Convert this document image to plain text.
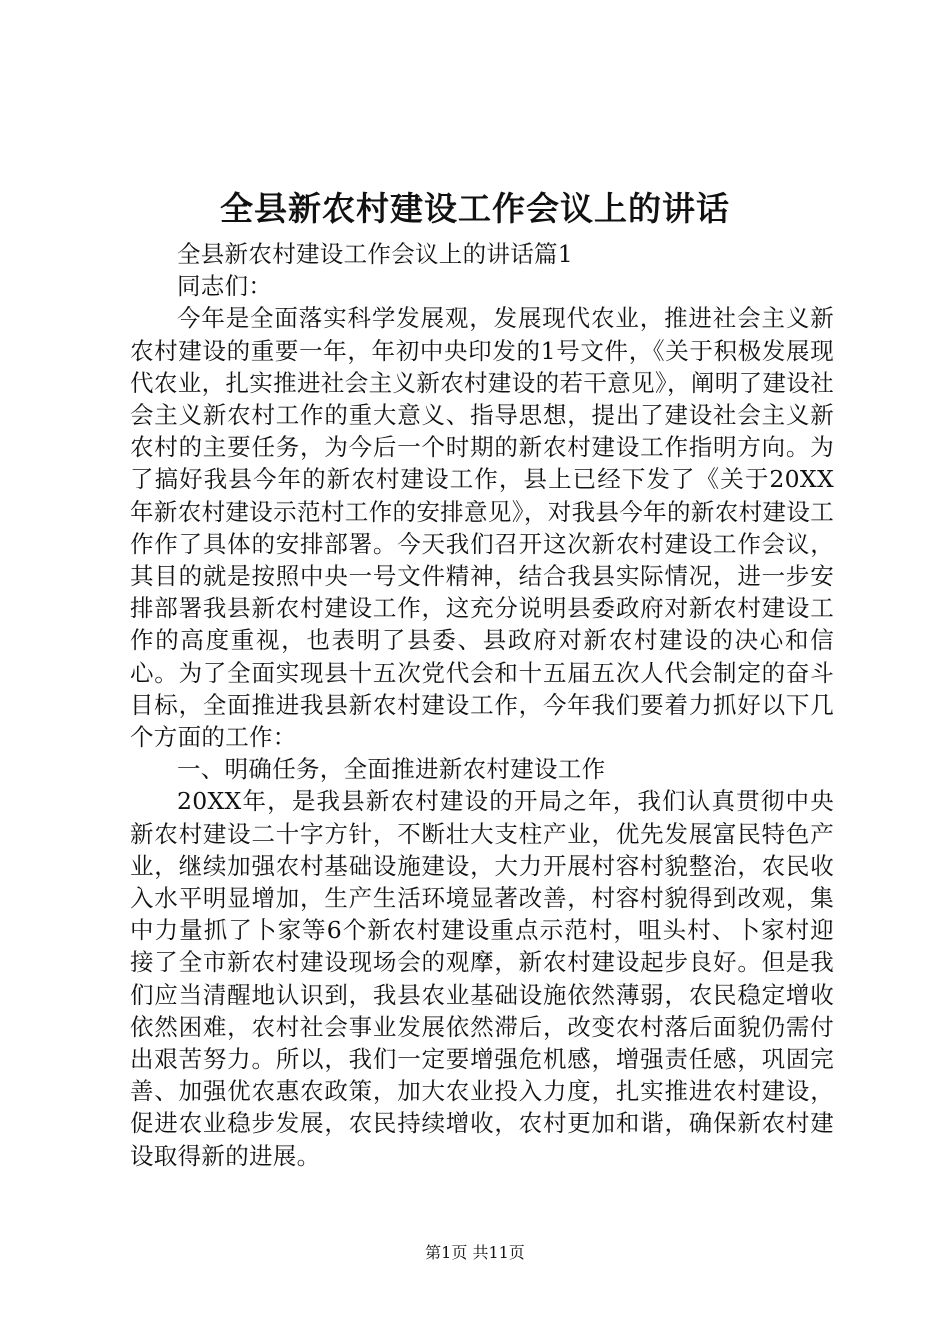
全县新农村建设工作会议上的讲话

全县新农村建设工作会议上的讲话篇1

同志们：

今年是全面落实科学发展观，发展现代农业，推进社会主义新农村建设的重要一年，年初中央印发的1号文件，《关于积极发展现代农业，扎实推进社会主义新农村建设的若干意见》，阐明了建设社会主义新农村工作的重大意义、指导思想，提出了建设社会主义新农村的主要任务，为今后一个时期的新农村建设工作指明方向。为了搞好我县今年的新农村建设工作，县上已经下发了《关于20XX年新农村建设示范村工作的安排意见》，对我县今年的新农村建设工作作了具体的安排部署。今天我们召开这次新农村建设工作会议，其目的就是按照中央一号文件精神，结合我县实际情况，进一步安排部署我县新农村建设工作，这充分说明县委政府对新农村建设工作的高度重视，也表明了县委、县政府对新农村建设的决心和信心。为了全面实现县十五次党代会和十五届五次人代会制定的奋斗目标，全面推进我县新农村建设工作，今年我们要着力抓好以下几个方面的工作：

一、明确任务，全面推进新农村建设工作

20XX年，是我县新农村建设的开局之年，我们认真贯彻中央新农村建设二十字方针，不断壮大支柱产业，优先发展富民特色产业，继续加强农村基础设施建设，大力开展村容村貌整治，农民收入水平明显增加，生产生活环境显著改善，村容村貌得到改观，集中力量抓了卜家等6个新农村建设重点示范村，咀头村、卜家村迎接了全市新农村建设现场会的观摩，新农村建设起步良好。但是我们应当清醒地认识到，我县农业基础设施依然薄弱，农民稳定增收依然困难，农村社会事业发展依然滞后，改变农村落后面貌仍需付出艰苦努力。所以，我们一定要增强危机感，增强责任感，巩固完善、加强优农惠农政策，加大农业投入力度，扎实推进农村建设，促进农业稳步发展，农民持续增收，农村更加和谐，确保新农村建设取得新的进展。

第1页 共11页
